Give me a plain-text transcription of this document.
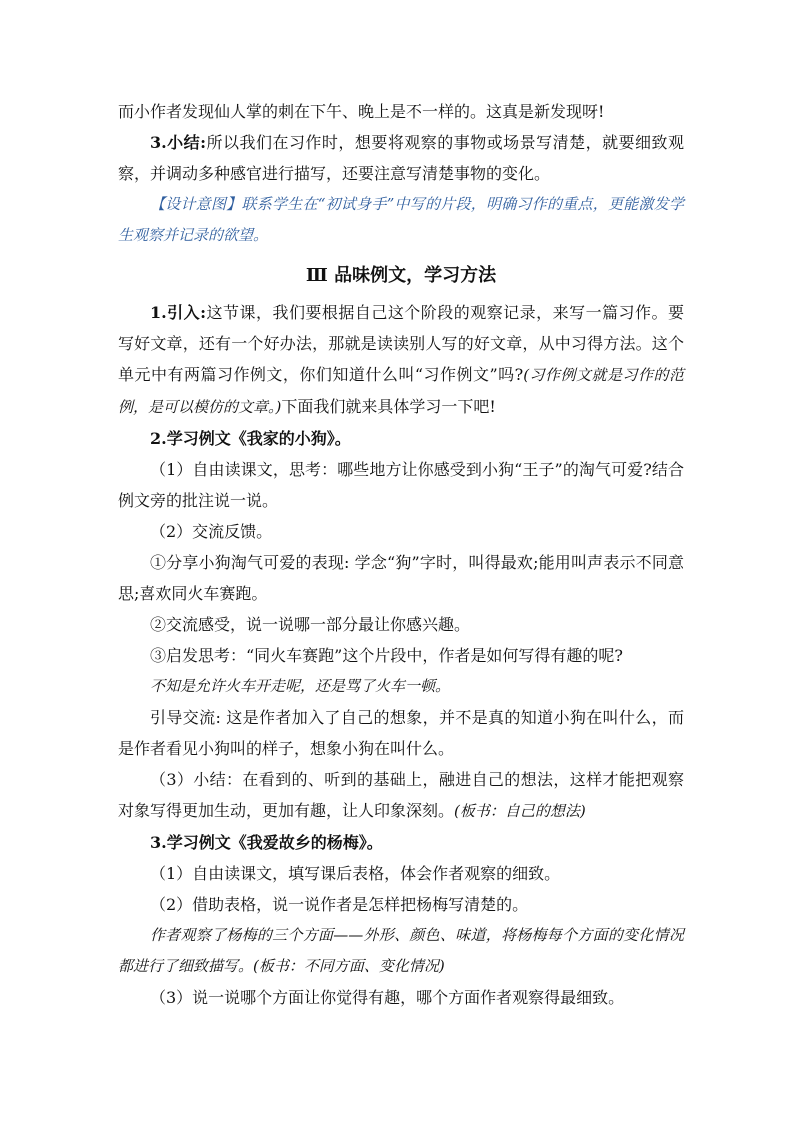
而小作者发现仙人掌的刺在下午、晚上是不一样的。这真是新发现呀!

3.小结:所以我们在习作时，想要将观察的事物或场景写清楚，就要细致观察，并调动多种感官进行描写，还要注意写清楚事物的变化。

【设计意图】联系学生在“初试身手”中写的片段，明确习作的重点，更能激发学生观察并记录的欲望。

Ⅲ 品味例文，学习方法

1.引入:这节课，我们要根据自己这个阶段的观察记录，来写一篇习作。要写好文章，还有一个好办法，那就是读读别人写的好文章，从中习得方法。这个单元中有两篇习作例文，你们知道什么叫“习作例文”吗?(习作例文就是习作的范例，是可以模仿的文章。)下面我们就来具体学习一下吧!

2.学习例文《我家的小狗》。

（1）自由读课文，思考：哪些地方让你感受到小狗“王子”的淘气可爱?结合例文旁的批注说一说。

（2）交流反馈。

①分享小狗淘气可爱的表现: 学念“狗”字时，叫得最欢;能用叫声表示不同意思;喜欢同火车赛跑。

②交流感受，说一说哪一部分最让你感兴趣。

③启发思考：“同火车赛跑”这个片段中，作者是如何写得有趣的呢?

不知是允许火车开走呢，还是骂了火车一顿。

引导交流: 这是作者加入了自己的想象，并不是真的知道小狗在叫什么，而是作者看见小狗叫的样子，想象小狗在叫什么。

（3）小结：在看到的、听到的基础上，融进自己的想法，这样才能把观察对象写得更加生动，更加有趣，让人印象深刻。(板书：自己的想法)

3.学习例文《我爱故乡的杨梅》。

（1）自由读课文，填写课后表格，体会作者观察的细致。

（2）借助表格，说一说作者是怎样把杨梅写清楚的。

作者观察了杨梅的三个方面——外形、颜色、味道，将杨梅每个方面的变化情况都进行了细致描写。(板书：不同方面、变化情况)

（3）说一说哪个方面让你觉得有趣，哪个方面作者观察得最细致。
